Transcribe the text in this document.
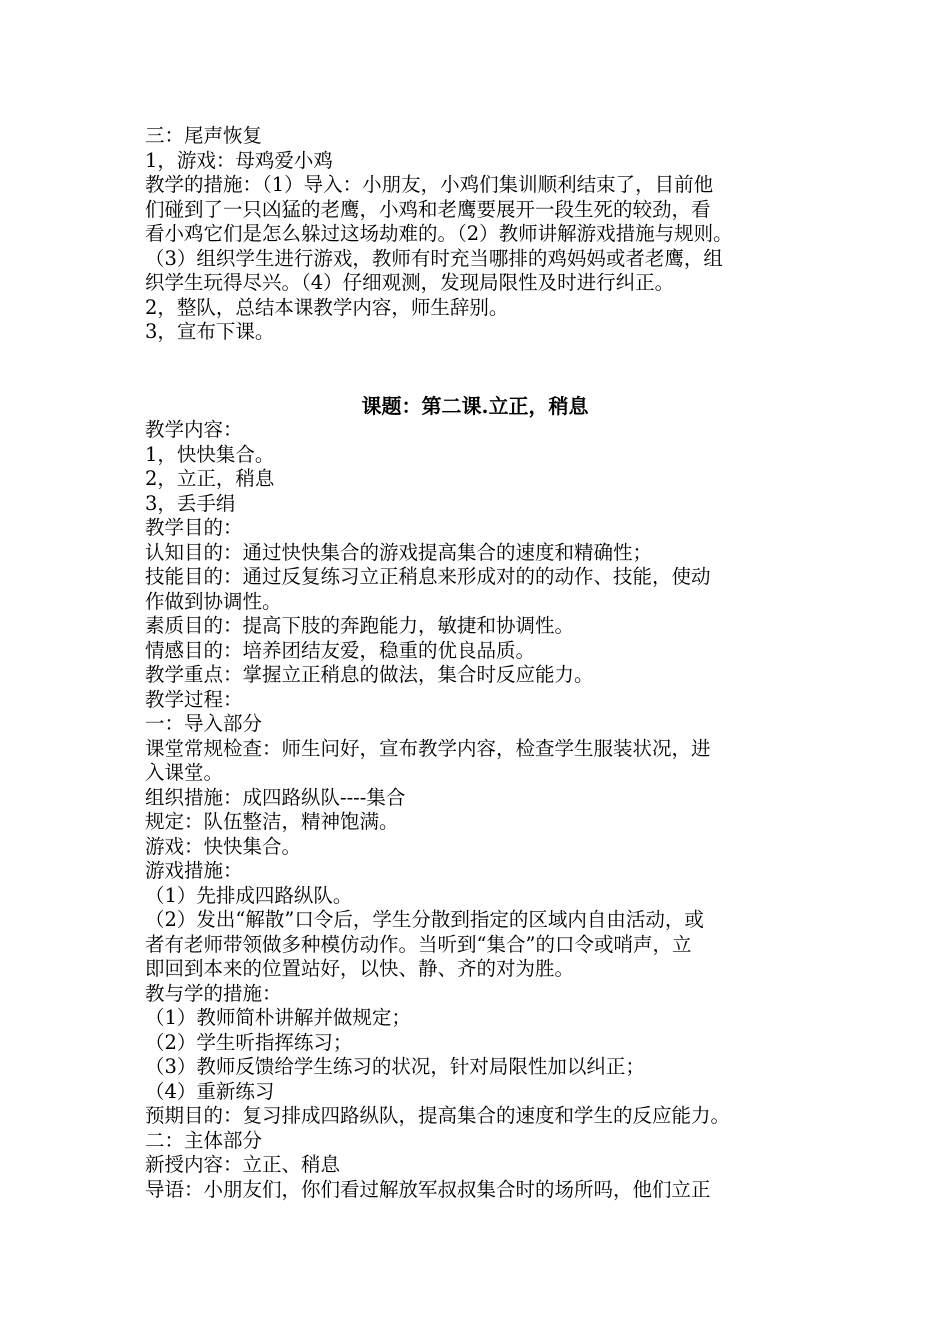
三：尾声恢复
1，游戏：母鸡爱小鸡
教学的措施：（1）导入：小朋友，小鸡们集训顺利结束了，目前他
们碰到了一只凶猛的老鹰，小鸡和老鹰要展开一段生死的较劲，看
看小鸡它们是怎么躲过这场劫难的。（2）教师讲解游戏措施与规则。
（3）组织学生进行游戏，教师有时充当哪排的鸡妈妈或者老鹰，组
织学生玩得尽兴。（4）仔细观测，发现局限性及时进行纠正。
2，整队，总结本课教学内容，师生辞别。
3，宣布下课。
课题：第二课.立正，稍息
教学内容：
1，快快集合。
2，立正，稍息
3，丢手绢
教学目的：
认知目的：通过快快集合的游戏提高集合的速度和精确性；
技能目的：通过反复练习立正稍息来形成对的的动作、技能，使动
作做到协调性。
素质目的：提高下肢的奔跑能力，敏捷和协调性。
情感目的：培养团结友爱，稳重的优良品质。
教学重点：掌握立正稍息的做法，集合时反应能力。
教学过程：
一：导入部分
课堂常规检查：师生问好，宣布教学内容，检查学生服装状况，进
入课堂。
组织措施：成四路纵队----集合
规定：队伍整洁，精神饱满。
游戏：快快集合。
游戏措施：
（1）先排成四路纵队。
（2）发出“解散”口令后，学生分散到指定的区域内自由活动，或
者有老师带领做多种模仿动作。当听到“集合”的口令或哨声，立
即回到本来的位置站好，以快、静、齐的对为胜。
教与学的措施：
（1）教师简朴讲解并做规定；
（2）学生听指挥练习；
（3）教师反馈给学生练习的状况，针对局限性加以纠正；
（4）重新练习
预期目的：复习排成四路纵队，提高集合的速度和学生的反应能力。
二：主体部分
新授内容：立正、稍息
导语：小朋友们，你们看过解放军叔叔集合时的场所吗，他们立正
